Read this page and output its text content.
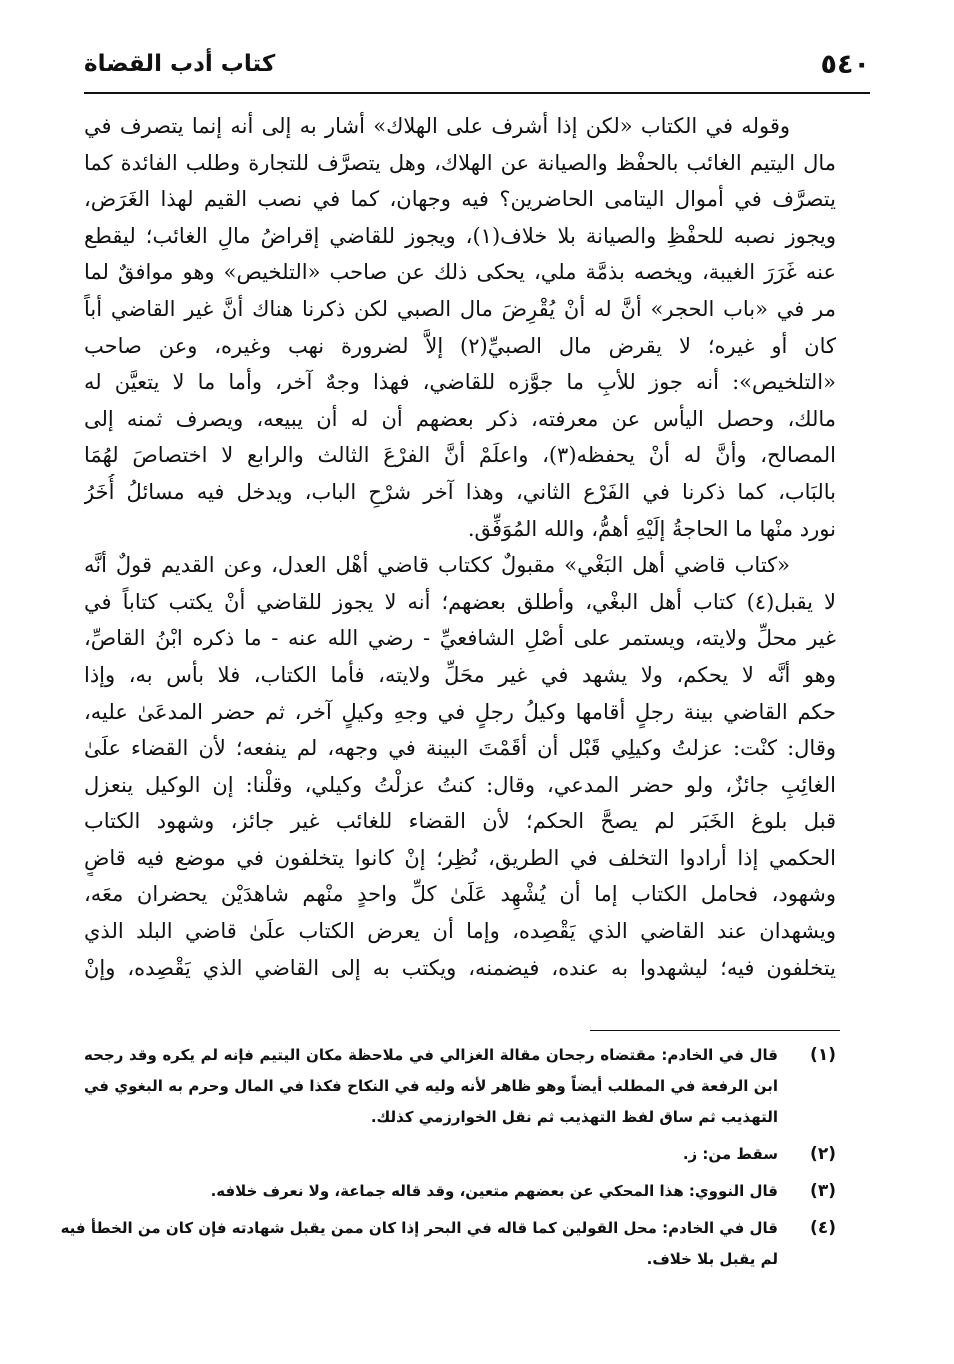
٥٤٠
كتاب أدب القضاة
وقوله في الكتاب «لكن إذا أشرف على الهلاك» أشار به إلى أنه إنما يتصرف في
مال اليتيم الغائب بالحفْظ والصيانة عن الهلاك، وهل يتصرَّف للتجارة وطلب الفائدة كما
يتصرَّف في أموال اليتامى الحاضرين؟ فيه وجهان، كما في نصب القيم لهذا الغَرَض،
ويجوز نصبه للحفْظِ والصيانة بلا خلاف(١)، ويجوز للقاضي إقراضُ مالِ الغائب؛ ليقطع
عنه غَرَرَ الغيبة، ويخصه بذمَّة ملي، يحكى ذلك عن صاحب «التلخيص» وهو موافقٌ لما
مر في «باب الحجر» أنَّ له أنْ يُقْرِضَ مال الصبي لكن ذكرنا هناك أنَّ غير القاضي أباً
كان أو غيره؛ لا يقرض مال الصبيِّ(٢) إلاَّ لضرورة نهب وغيره، وعن صاحب
«التلخيص»: أنه جوز للأبِ ما جوَّزه للقاضي، فهذا وجهٌ آخر، وأما ما لا يتعيَّن له
مالك، وحصل اليأس عن معرفته، ذكر بعضهم أن له أن يبيعه، ويصرف ثمنه إلى
المصالح، وأنَّ له أنْ يحفظه(٣)، واعلَمْ أنَّ الفرْعَ الثالث والرابع لا اختصاصَ لهُمَا
بالبَاب، كما ذكرنا في الفَرْع الثاني، وهذا آخر شرْحِ الباب، ويدخل فيه مسائلُ أُخَرُ
نورد منْها ما الحاجةُ إلَيْهِ أهمُّ، والله المُوَفِّق.
«كتاب قاضي أهل البَغْي» مقبولٌ ككتاب قاضي أهْل العدل، وعن القديم قولٌ أنَّه
لا يقبل(٤) كتاب أهل البغْي، وأطلق بعضهم؛ أنه لا يجوز للقاضي أنْ يكتب كتاباً في
غير محلِّ ولايته، ويستمر على أصْلِ الشافعيِّ - رضي الله عنه - ما ذكره ابْنُ القاصِّ،
وهو أنَّه لا يحكم، ولا يشهد في غير محَلِّ ولايته، فأما الكتاب، فلا بأس به، وإذا
حكم القاضي بينة رجلٍ أقامها وكيلُ رجلٍ في وجهِ وكيلٍ آخر، ثم حضر المدعَىٰ عليه،
وقال: كنْت: عزلتُ وكيلِي قَبْل أن أقَمْتَ البينة في وجهه، لم ينفعه؛ لأن القضاء علَىٰ
الغائِبِ جائزٌ، ولو حضر المدعي، وقال: كنتُ عزلْتُ وكيلي، وقلْنا: إن الوكيل ينعزل
قبل بلوغ الخَبَر لم يصحَّ الحكم؛ لأن القضاء للغائب غير جائز، وشهود الكتاب
الحكمي إذا أرادوا التخلف في الطريق، نُظِر؛ إنْ كانوا يتخلفون في موضع فيه قاضٍ
وشهود، فحامل الكتاب إما أن يُشْهِد عَلَىٰ كلِّ واحدٍ منْهم شاهدَيْن يحضران معَه،
ويشهدان عند القاضي الذي يَقْصِده، وإما أن يعرض الكتاب علَىٰ قاضي البلد الذي
يتخلفون فيه؛ ليشهدوا به عنده، فيضمنه، ويكتب به إلى القاضي الذي يَقْصِده، وإنْ
(١)
قال في الخادم: مقتضاه رجحان مقالة الغزالي في ملاحظة مكان اليتيم فإنه لم يكره وقد رجحه
ابن الرفعة في المطلب أيضاً وهو ظاهر لأنه وليه في النكاح فكذا في المال وحرم به البغوي في
التهذيب ثم ساق لفظ التهذيب ثم نقل الخوارزمي كذلك.
(٢)
سقط من: ز.
(٣)
قال النووي: هذا المحكي عن بعضهم متعين، وقد قاله جماعة، ولا نعرف خلافه.
(٤)
قال في الخادم: محل القولين كما قاله في البحر إذا كان ممن يقبل شهادته فإن كان من الخطأ فيه
لم يقبل بلا خلاف.
